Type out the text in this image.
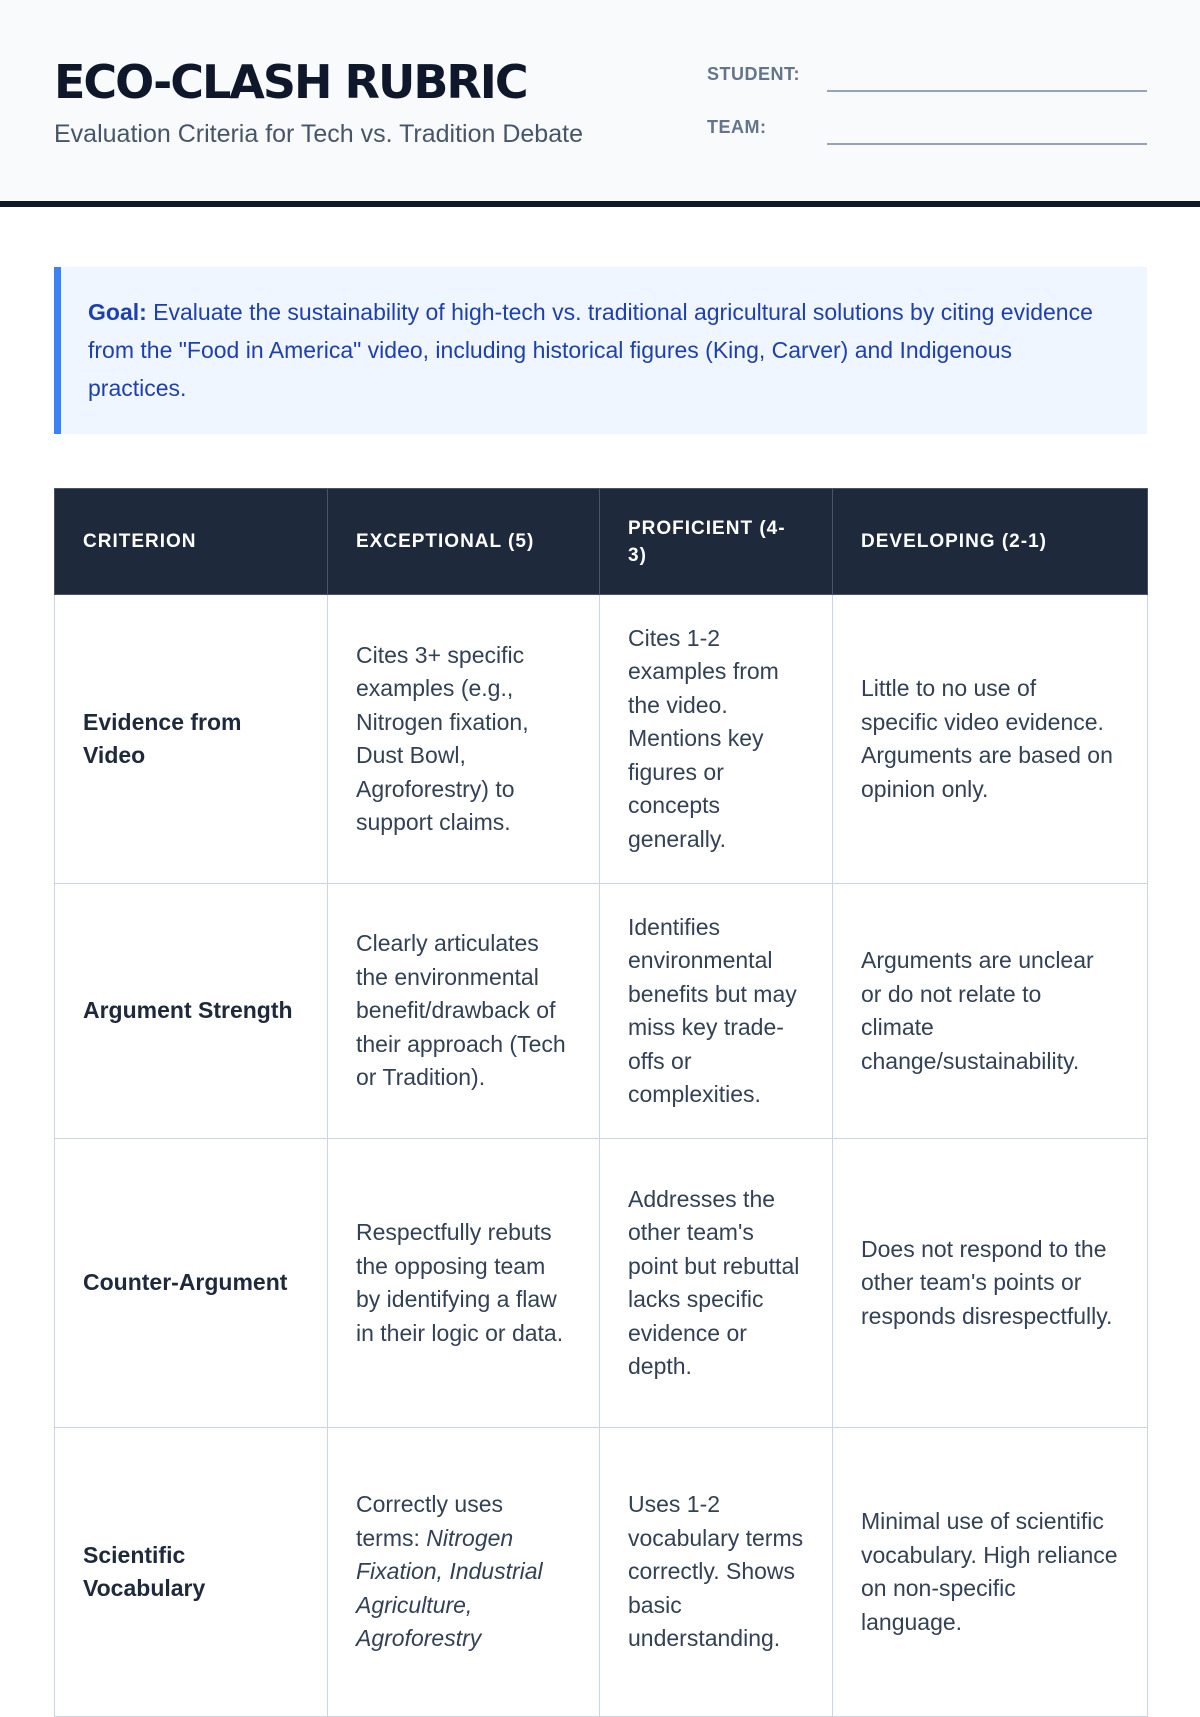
ECO-CLASH RUBRIC
Evaluation Criteria for Tech vs. Tradition Debate
STUDENT:
TEAM:
Goal: Evaluate the sustainability of high-tech vs. traditional agricultural solutions by citing evidence from the "Food in America" video, including historical figures (King, Carver) and Indigenous practices.
CRITERION	EXCEPTIONAL (5)	PROFICIENT (4-3)	DEVELOPING (2-1)
Evidence from Video	Cites 3+ specific examples (e.g., Nitrogen fixation, Dust Bowl, Agroforestry) to support claims.	Cites 1-2 examples from the video. Mentions key figures or concepts generally.	Little to no use of specific video evidence. Arguments are based on opinion only.
Argument Strength	Clearly articulates the environmental benefit/drawback of their approach (Tech or Tradition).	Identifies environmental benefits but may miss key trade-offs or complexities.	Arguments are unclear or do not relate to climate change/sustainability.
Counter-Argument	Respectfully rebuts the opposing team by identifying a flaw in their logic or data.	Addresses the other team's point but rebuttal lacks specific evidence or depth.	Does not respond to the other team's points or responds disrespectfully.
Scientific Vocabulary	Correctly uses terms: Nitrogen Fixation, Industrial Agriculture, Agroforestry	Uses 1-2 vocabulary terms correctly. Shows basic understanding.	Minimal use of scientific vocabulary. High reliance on non-specific language.
